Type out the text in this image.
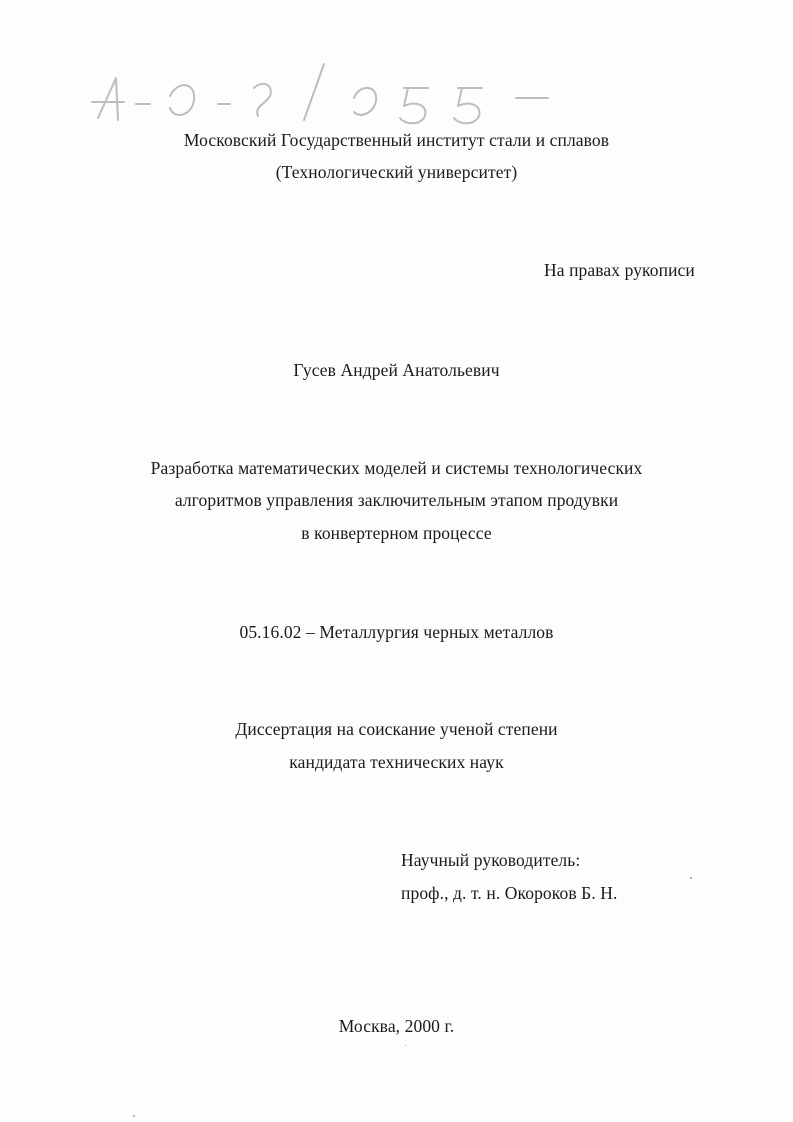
Московский Государственный институт стали и сплавов
(Технологический университет)
На правах рукописи
Гусев Андрей Анатольевич
Разработка математических моделей и системы технологических
алгоритмов управления заключительным этапом продувки
в конвертерном процессе
05.16.02 – Металлургия черных металлов
Диссертация на соискание ученой степени
кандидата технических наук
Научный руководитель:
проф., д. т. н. Окороков Б. Н.
Москва, 2000 г.
